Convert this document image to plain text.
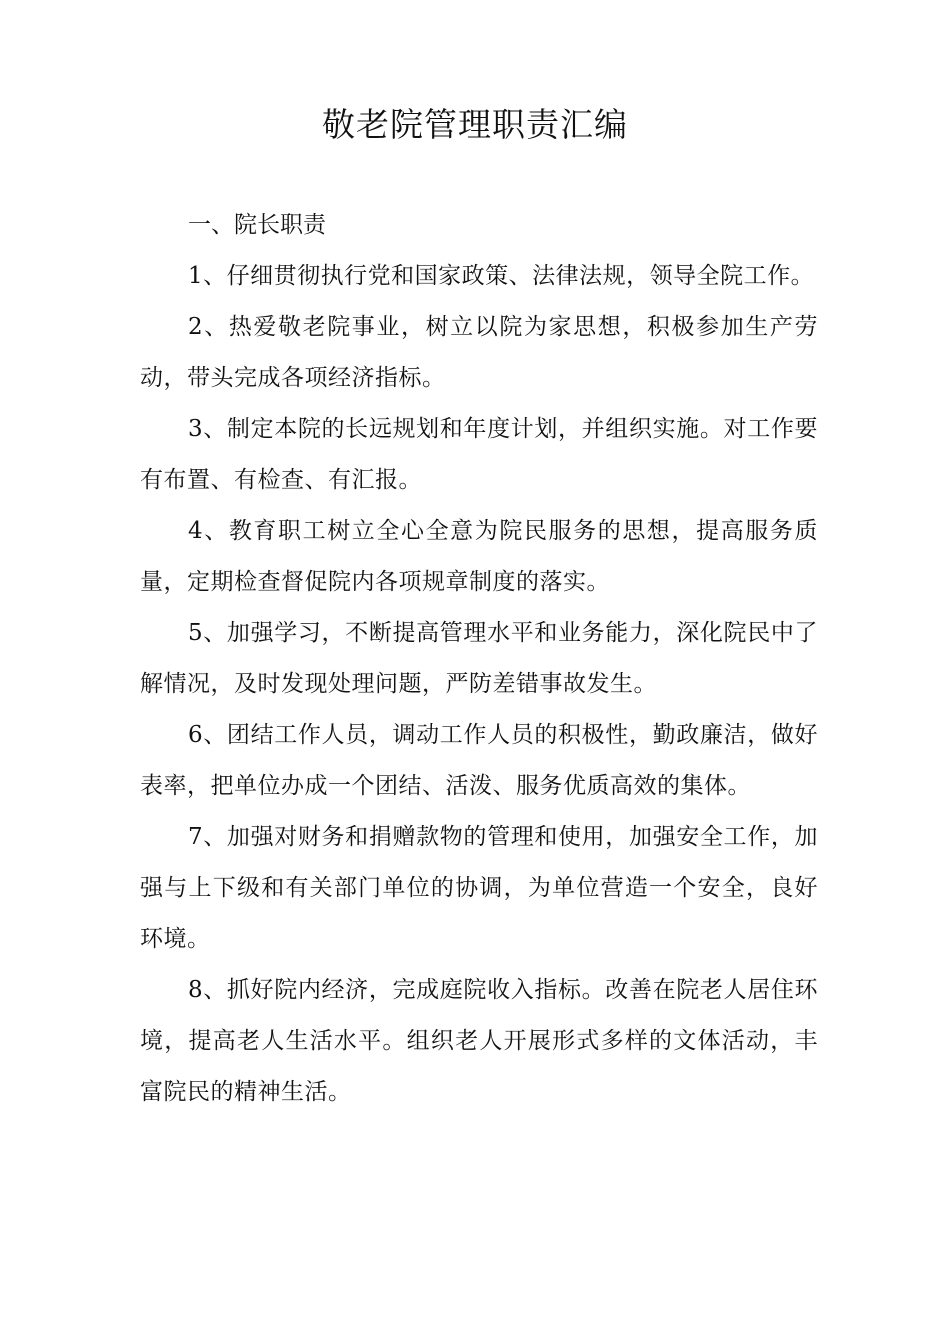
敬老院管理职责汇编
一、院长职责

1、仔细贯彻执行党和国家政策、法律法规，领导全院工作。

2、热爱敬老院事业，树立以院为家思想，积极参加生产劳动，带头完成各项经济指标。

3、制定本院的长远规划和年度计划，并组织实施。对工作要有布置、有检查、有汇报。

4、教育职工树立全心全意为院民服务的思想，提高服务质量，定期检查督促院内各项规章制度的落实。

5、加强学习，不断提高管理水平和业务能力，深化院民中了解情况，及时发现处理问题，严防差错事故发生。

6、团结工作人员，调动工作人员的积极性，勤政廉洁，做好表率，把单位办成一个团结、活泼、服务优质高效的集体。

7、加强对财务和捐赠款物的管理和使用，加强安全工作，加强与上下级和有关部门单位的协调，为单位营造一个安全，良好环境。

8、抓好院内经济，完成庭院收入指标。改善在院老人居住环境，提高老人生活水平。组织老人开展形式多样的文体活动，丰富院民的精神生活。
